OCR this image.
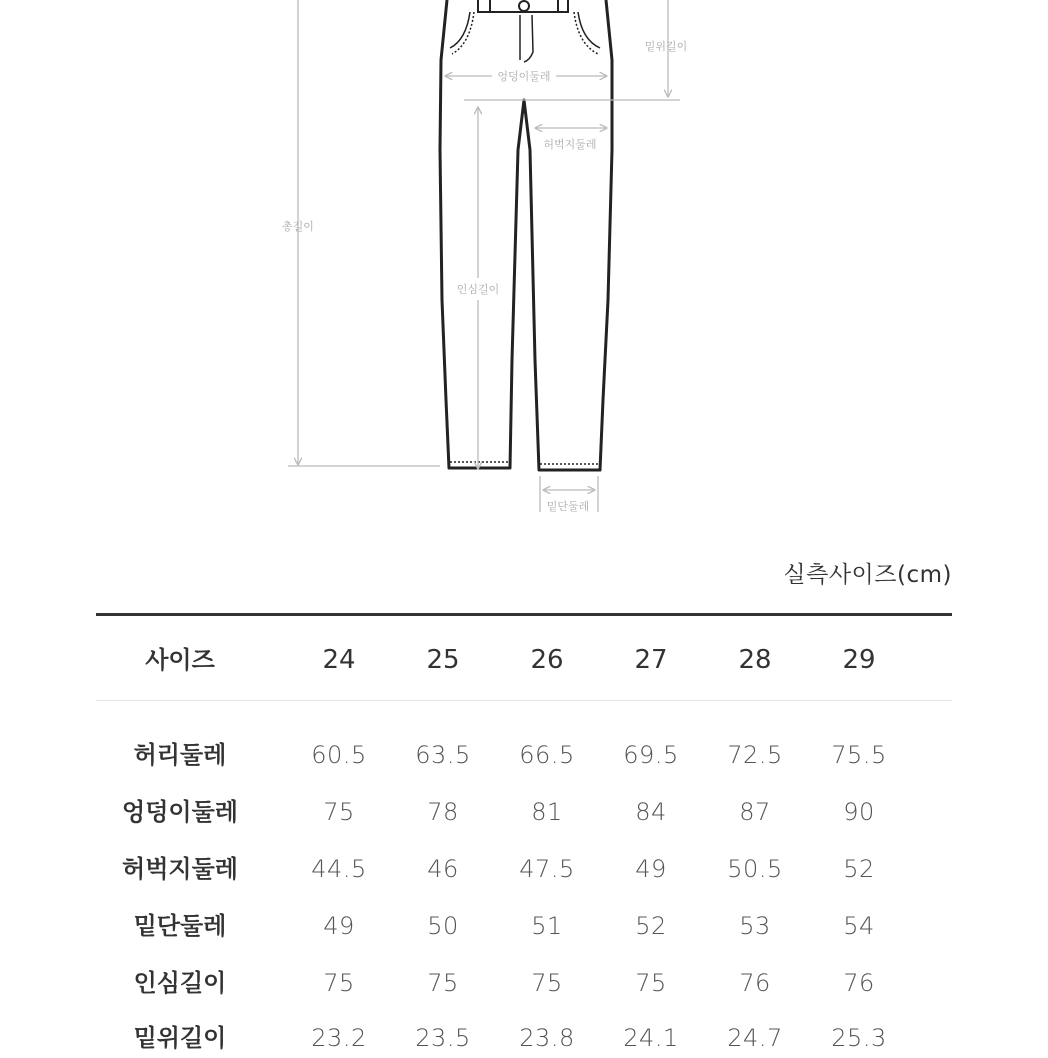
밑위길이
엉덩이둘레
허벅지둘레
총길이
인심길이
밑단둘레
실측사이즈(cm)
사이즈	24	25	26	27	28	29
허리둘레	60.5	63.5	66.5	69.5	72.5	75.5
엉덩이둘레	75	78	81	84	87	90
허벅지둘레	44.5	46	47.5	49	50.5	52
밑단둘레	49	50	51	52	53	54
인심길이	75	75	75	75	76	76
밑위길이	23.2	23.5	23.8	24.1	24.7	25.3
